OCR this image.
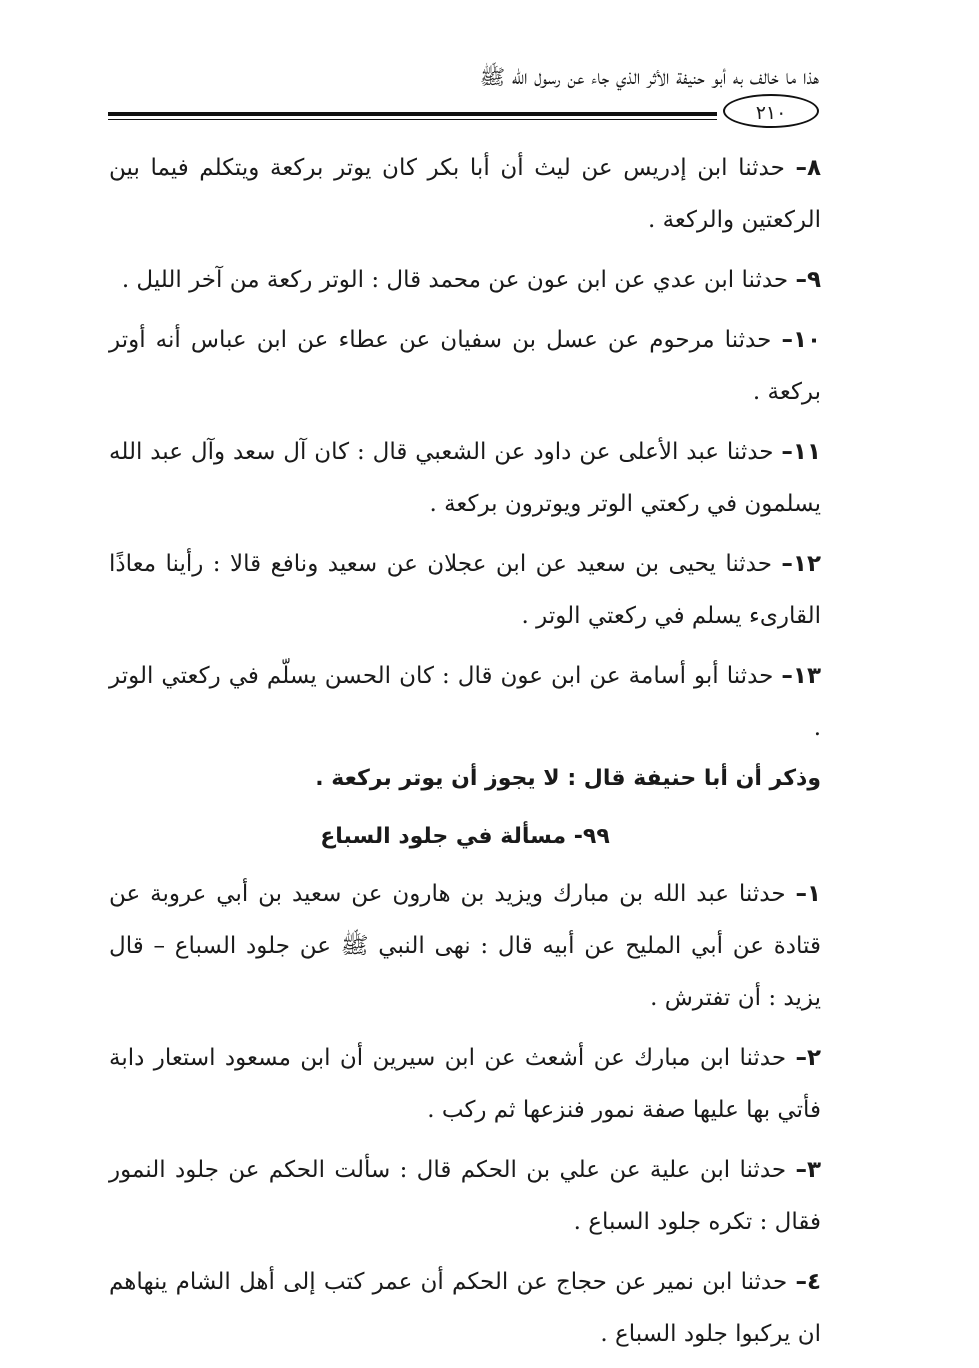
هذا ما خالف به أبو حنيفة الأثر الذي جاء عن رسول الله ﷺ
٢١٠

٨– حدثنا ابن إدريس عن ليث أن أبا بكر كان يوتر بركعة ويتكلم فيما بين الركعتين والركعة .

٩– حدثنا ابن عدي عن ابن عون عن محمد قال : الوتر ركعة من آخر الليل .

١٠– حدثنا مرحوم عن عسل بن سفيان عن عطاء عن ابن عباس أنه أوتر بركعة .

١١– حدثنا عبد الأعلى عن داود عن الشعبي قال : كان آل سعد وآل عبد الله يسلمون في ركعتي الوتر ويوترون بركعة .

١٢– حدثنا يحيى بن سعيد عن ابن عجلان عن سعيد ونافع قالا : رأينا معاذًا القارىء يسلم في ركعتي الوتر .

١٣– حدثنا أبو أسامة عن ابن عون قال : كان الحسن يسلّم في ركعتي الوتر .

وذكر أن أبا حنيفة قال : لا يجوز أن يوتر بركعة .

٩٩- مسألة في جلود السباع

١– حدثنا عبد الله بن مبارك ويزيد بن هارون عن سعيد بن أبي عروبة عن قتادة عن أبي المليح عن أبيه قال : نهى النبي ﷺ عن جلود السباع – قال يزيد : أن تفترش .

٢– حدثنا ابن مبارك عن أشعث عن ابن سيرين أن ابن مسعود استعار دابة فأتي بها عليها صفة نمور فنزعها ثم ركب .

٣– حدثنا ابن علية عن علي بن الحكم قال : سألت الحكم عن جلود النمور فقال : تكره جلود السباع .

٤– حدثنا ابن نمير عن حجاج عن الحكم أن عمر كتب إلى أهل الشام ينهاهم ان يركبوا جلود السباع .
